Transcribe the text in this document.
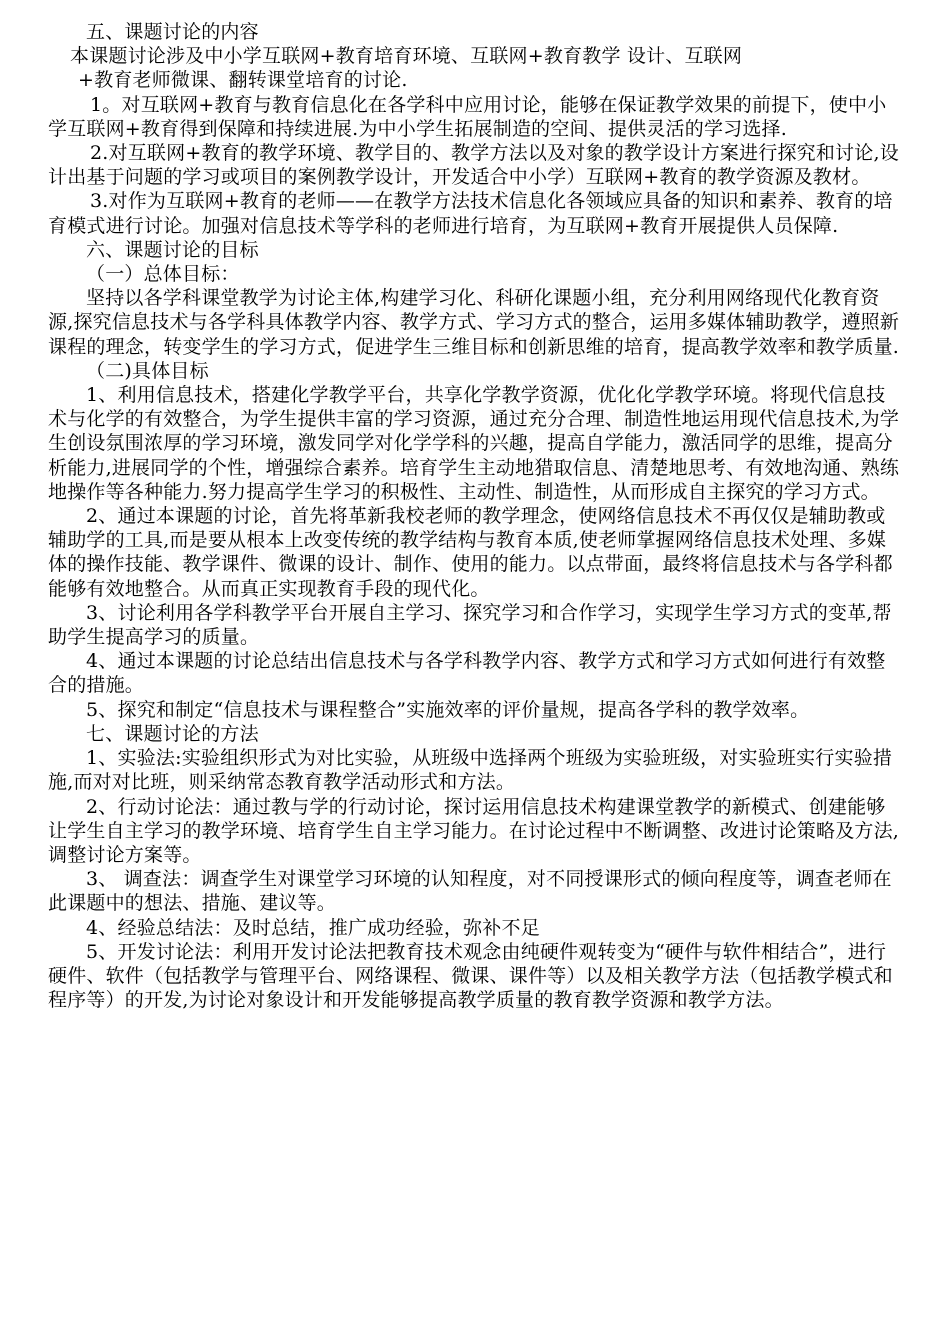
五、课题讨论的内容

本课题讨论涉及中小学互联网+教育培育环境、互联网+教育教学 设计、互联网

+教育老师微课、翻转课堂培育的讨论.

1。对互联网+教育与教育信息化在各学科中应用讨论，能够在保证教学效果的前提下，使中小学互联网+教育得到保障和持续进展.为中小学生拓展制造的空间、提供灵活的学习选择.

2.对互联网+教育的教学环境、教学目的、教学方法以及对象的教学设计方案进行探究和讨论,设计出基于问题的学习或项目的案例教学设计，开发适合中小学）互联网+教育的教学资源及教材。

3.对作为互联网+教育的老师——在教学方法技术信息化各领域应具备的知识和素养、教育的培育模式进行讨论。加强对信息技术等学科的老师进行培育，为互联网+教育开展提供人员保障.

六、课题讨论的目标

（一）总体目标：

坚持以各学科课堂教学为讨论主体,构建学习化、科研化课题小组，充分利用网络现代化教育资源,探究信息技术与各学科具体教学内容、教学方式、学习方式的整合，运用多媒体辅助教学，遵照新课程的理念，转变学生的学习方式，促进学生三维目标和创新思维的培育，提高教学效率和教学质量.

（二)具体目标

1、利用信息技术，搭建化学教学平台，共享化学教学资源，优化化学教学环境。将现代信息技术与化学的有效整合，为学生提供丰富的学习资源，通过充分合理、制造性地运用现代信息技术,为学生创设氛围浓厚的学习环境，激发同学对化学学科的兴趣，提高自学能力，激活同学的思维，提高分析能力,进展同学的个性，增强综合素养。培育学生主动地猎取信息、清楚地思考、有效地沟通、熟练地操作等各种能力.努力提高学生学习的积极性、主动性、制造性，从而形成自主探究的学习方式。

2、通过本课题的讨论，首先将革新我校老师的教学理念，使网络信息技术不再仅仅是辅助教或辅助学的工具,而是要从根本上改变传统的教学结构与教育本质,使老师掌握网络信息技术处理、多媒体的操作技能、教学课件、微课的设计、制作、使用的能力。以点带面，最终将信息技术与各学科都能够有效地整合。从而真正实现教育手段的现代化。

3、讨论利用各学科教学平台开展自主学习、探究学习和合作学习，实现学生学习方式的变革,帮助学生提高学习的质量。

4、通过本课题的讨论总结出信息技术与各学科教学内容、教学方式和学习方式如何进行有效整合的措施。

5、探究和制定“信息技术与课程整合”实施效率的评价量规，提高各学科的教学效率。

七、课题讨论的方法

1、实验法:实验组织形式为对比实验，从班级中选择两个班级为实验班级，对实验班实行实验措施,而对对比班，则采纳常态教育教学活动形式和方法。

2、行动讨论法：通过教与学的行动讨论，探讨运用信息技术构建课堂教学的新模式、创建能够让学生自主学习的教学环境、培育学生自主学习能力。在讨论过程中不断调整、改进讨论策略及方法,调整讨论方案等。

3、 调查法：调查学生对课堂学习环境的认知程度，对不同授课形式的倾向程度等，调查老师在此课题中的想法、措施、建议等。

4、经验总结法：及时总结，推广成功经验，弥补不足

5、开发讨论法：利用开发讨论法把教育技术观念由纯硬件观转变为“硬件与软件相结合”，进行硬件、软件（包括教学与管理平台、网络课程、微课、课件等）以及相关教学方法（包括教学模式和程序等）的开发,为讨论对象设计和开发能够提高教学质量的教育教学资源和教学方法。
